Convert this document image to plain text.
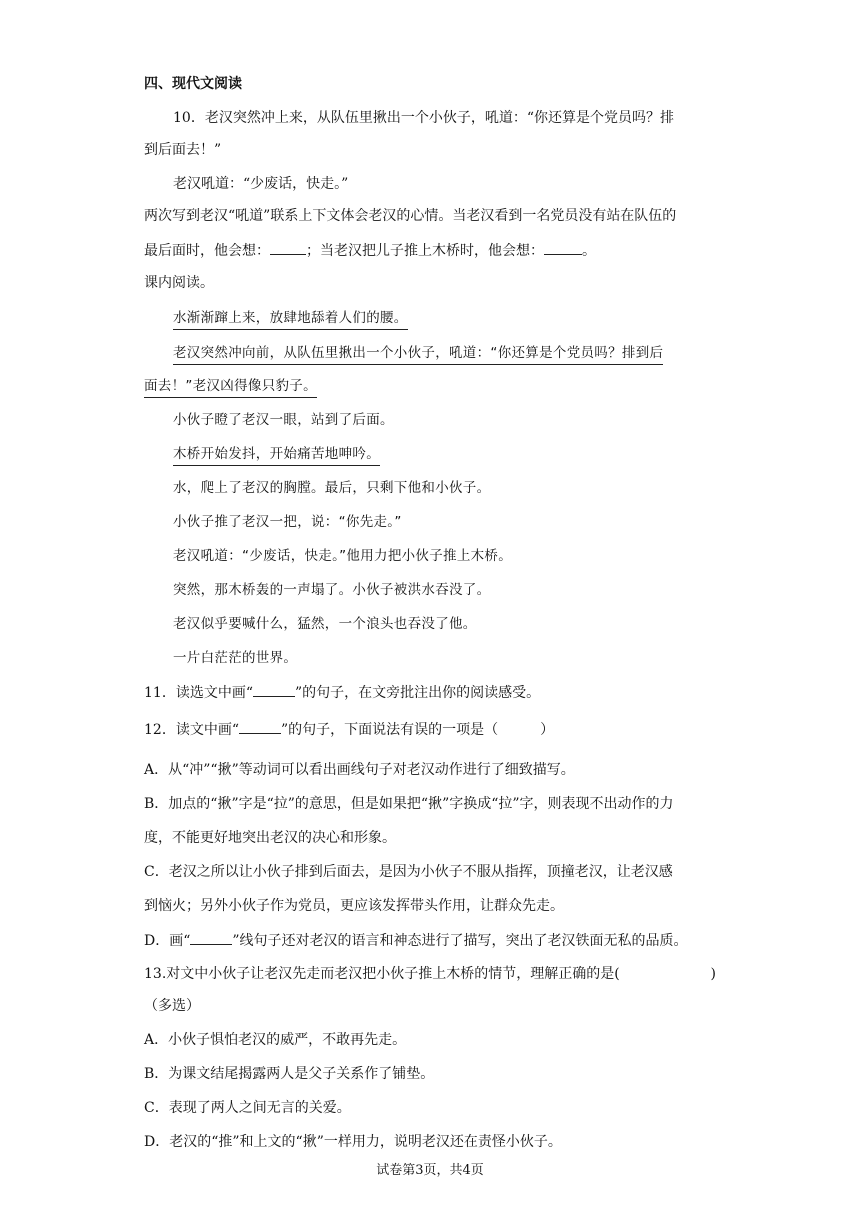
四、现代文阅读
10．老汉突然冲上来，从队伍里揪出一个小伙子，吼道：“你还算是个党员吗？排
到后面去！”
老汉吼道：“少废话，快走。”
两次写到老汉“吼道”联系上下文体会老汉的心情。当老汉看到一名党员没有站在队伍的
最后面时，他会想：	；当老汉把儿子推上木桥时，他会想：	。
课内阅读。
水渐渐蹿上来，放肆地舔着人们的腰。
老汉突然冲向前，从队伍里揪出一个小伙子，吼道：“你还算是个党员吗？排到后
面去！”老汉凶得像只豹子。
小伙子瞪了老汉一眼，站到了后面。
木桥开始发抖，开始痛苦地呻吟。
水，爬上了老汉的胸膛。最后，只剩下他和小伙子。
小伙子推了老汉一把，说：“你先走。”
老汉吼道：“少废话，快走。”他用力把小伙子推上木桥。
突然，那木桥轰的一声塌了。小伙子被洪水吞没了。
老汉似乎要喊什么，猛然，一个浪头也吞没了他。
一片白茫茫的世界。
11．读选文中画“	”的句子，在文旁批注出你的阅读感受。
12．读文中画“	”的句子，下面说法有误的一项是（	）
A．从“冲”“揪”等动词可以看出画线句子对老汉动作进行了细致描写。
B．加点的“揪”字是“拉”的意思，但是如果把“揪”字换成“拉”字，则表现不出动作的力
度，不能更好地突出老汉的决心和形象。
C．老汉之所以让小伙子排到后面去，是因为小伙子不服从指挥，顶撞老汉，让老汉感
到恼火；另外小伙子作为党员，更应该发挥带头作用，让群众先走。
D．画“	”线句子还对老汉的语言和神态进行了描写，突出了老汉铁面无私的品质。
13.对文中小伙子让老汉先走而老汉把小伙子推上木桥的情节，理解正确的是(	)
（多选）
A．小伙子惧怕老汉的威严，不敢再先走。
B．为课文结尾揭露两人是父子关系作了铺垫。
C．表现了两人之间无言的关爱。
D．老汉的“推”和上文的“揪”一样用力，说明老汉还在责怪小伙子。
试卷第3页，共4页
